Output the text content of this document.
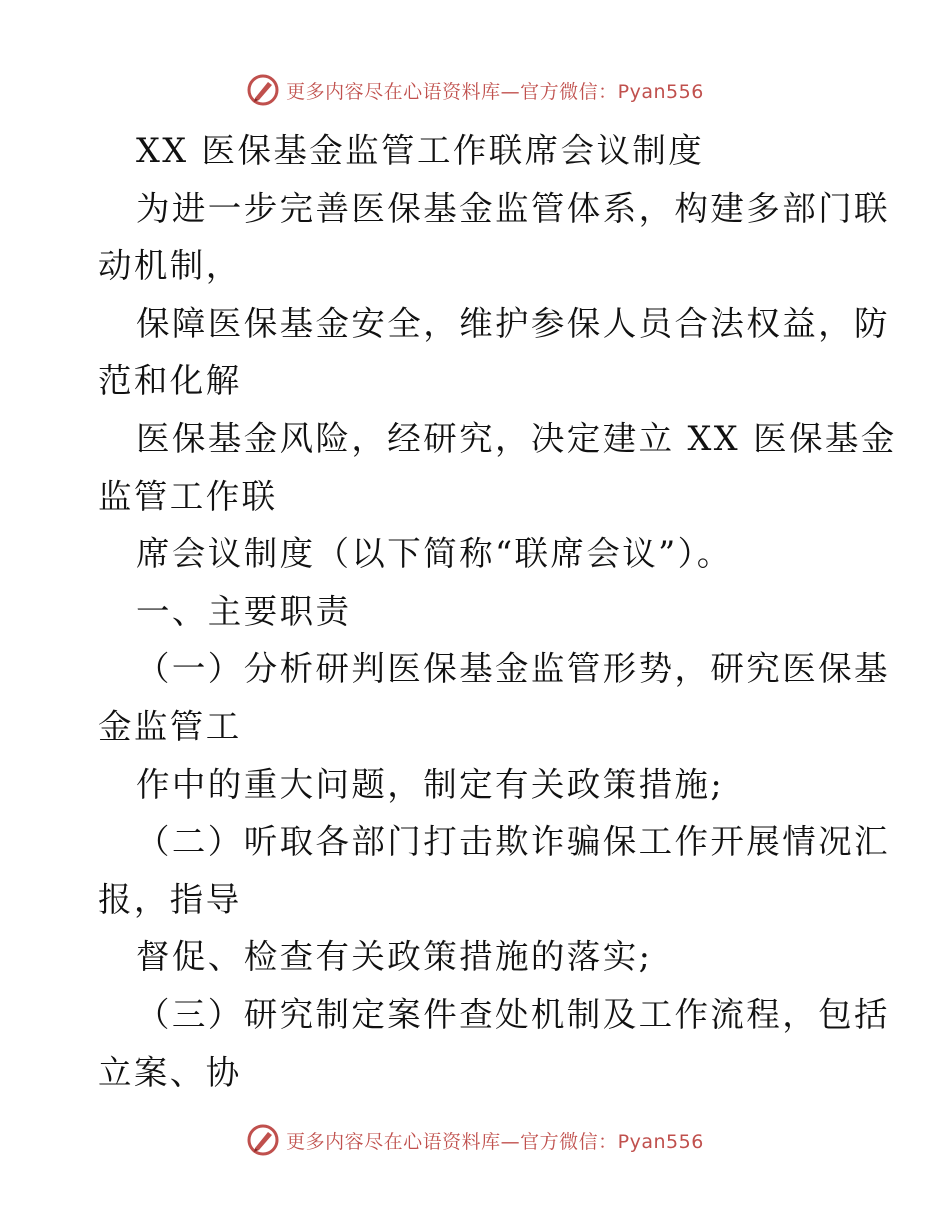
更多内容尽在心语资料库—官方微信：Pyan556
XX 医保基金监管工作联席会议制度
为进一步完善医保基金监管体系，构建多部门联
动机制，
保障医保基金安全，维护参保人员合法权益，防
范和化解
医保基金风险，经研究，决定建立 XX 医保基金
监管工作联
席会议制度（以下简称“联席会议”）。
一、主要职责
（一）分析研判医保基金监管形势，研究医保基
金监管工
作中的重大问题，制定有关政策措施;
（二）听取各部门打击欺诈骗保工作开展情况汇
报，指导
督促、检查有关政策措施的落实;
（三）研究制定案件查处机制及工作流程，包括
立案、协
更多内容尽在心语资料库—官方微信：Pyan556
